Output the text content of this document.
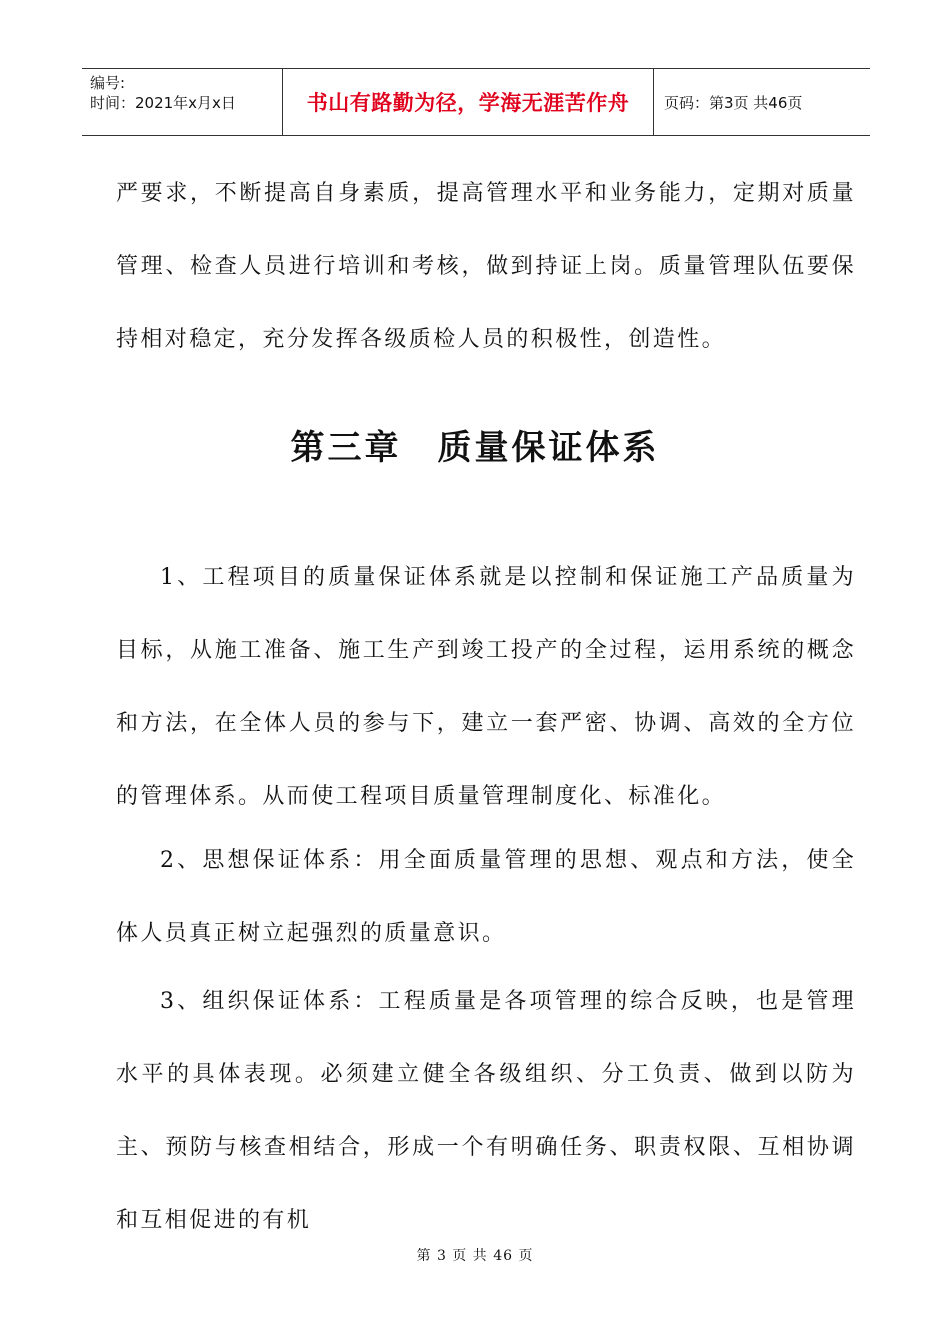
编号:
时间：2021年x月x日	书山有路勤为径，学海无涯苦作舟	页码：第3页 共46页

严要求，不断提高自身素质，提高管理水平和业务能力，定期对质量管理、检查人员进行培训和考核，做到持证上岗。质量管理队伍要保持相对稳定，充分发挥各级质检人员的积极性，创造性。

第三章 质量保证体系

1、工程项目的质量保证体系就是以控制和保证施工产品质量为目标，从施工准备、施工生产到竣工投产的全过程，运用系统的概念和方法，在全体人员的参与下，建立一套严密、协调、高效的全方位的管理体系。从而使工程项目质量管理制度化、标准化。

2、思想保证体系：用全面质量管理的思想、观点和方法，使全体人员真正树立起强烈的质量意识。

3、组织保证体系：工程质量是各项管理的综合反映，也是管理水平的具体表现。必须建立健全各级组织、分工负责、做到以防为主、预防与核查相结合，形成一个有明确任务、职责权限、互相协调和互相促进的有机

第 3 页 共 46 页
